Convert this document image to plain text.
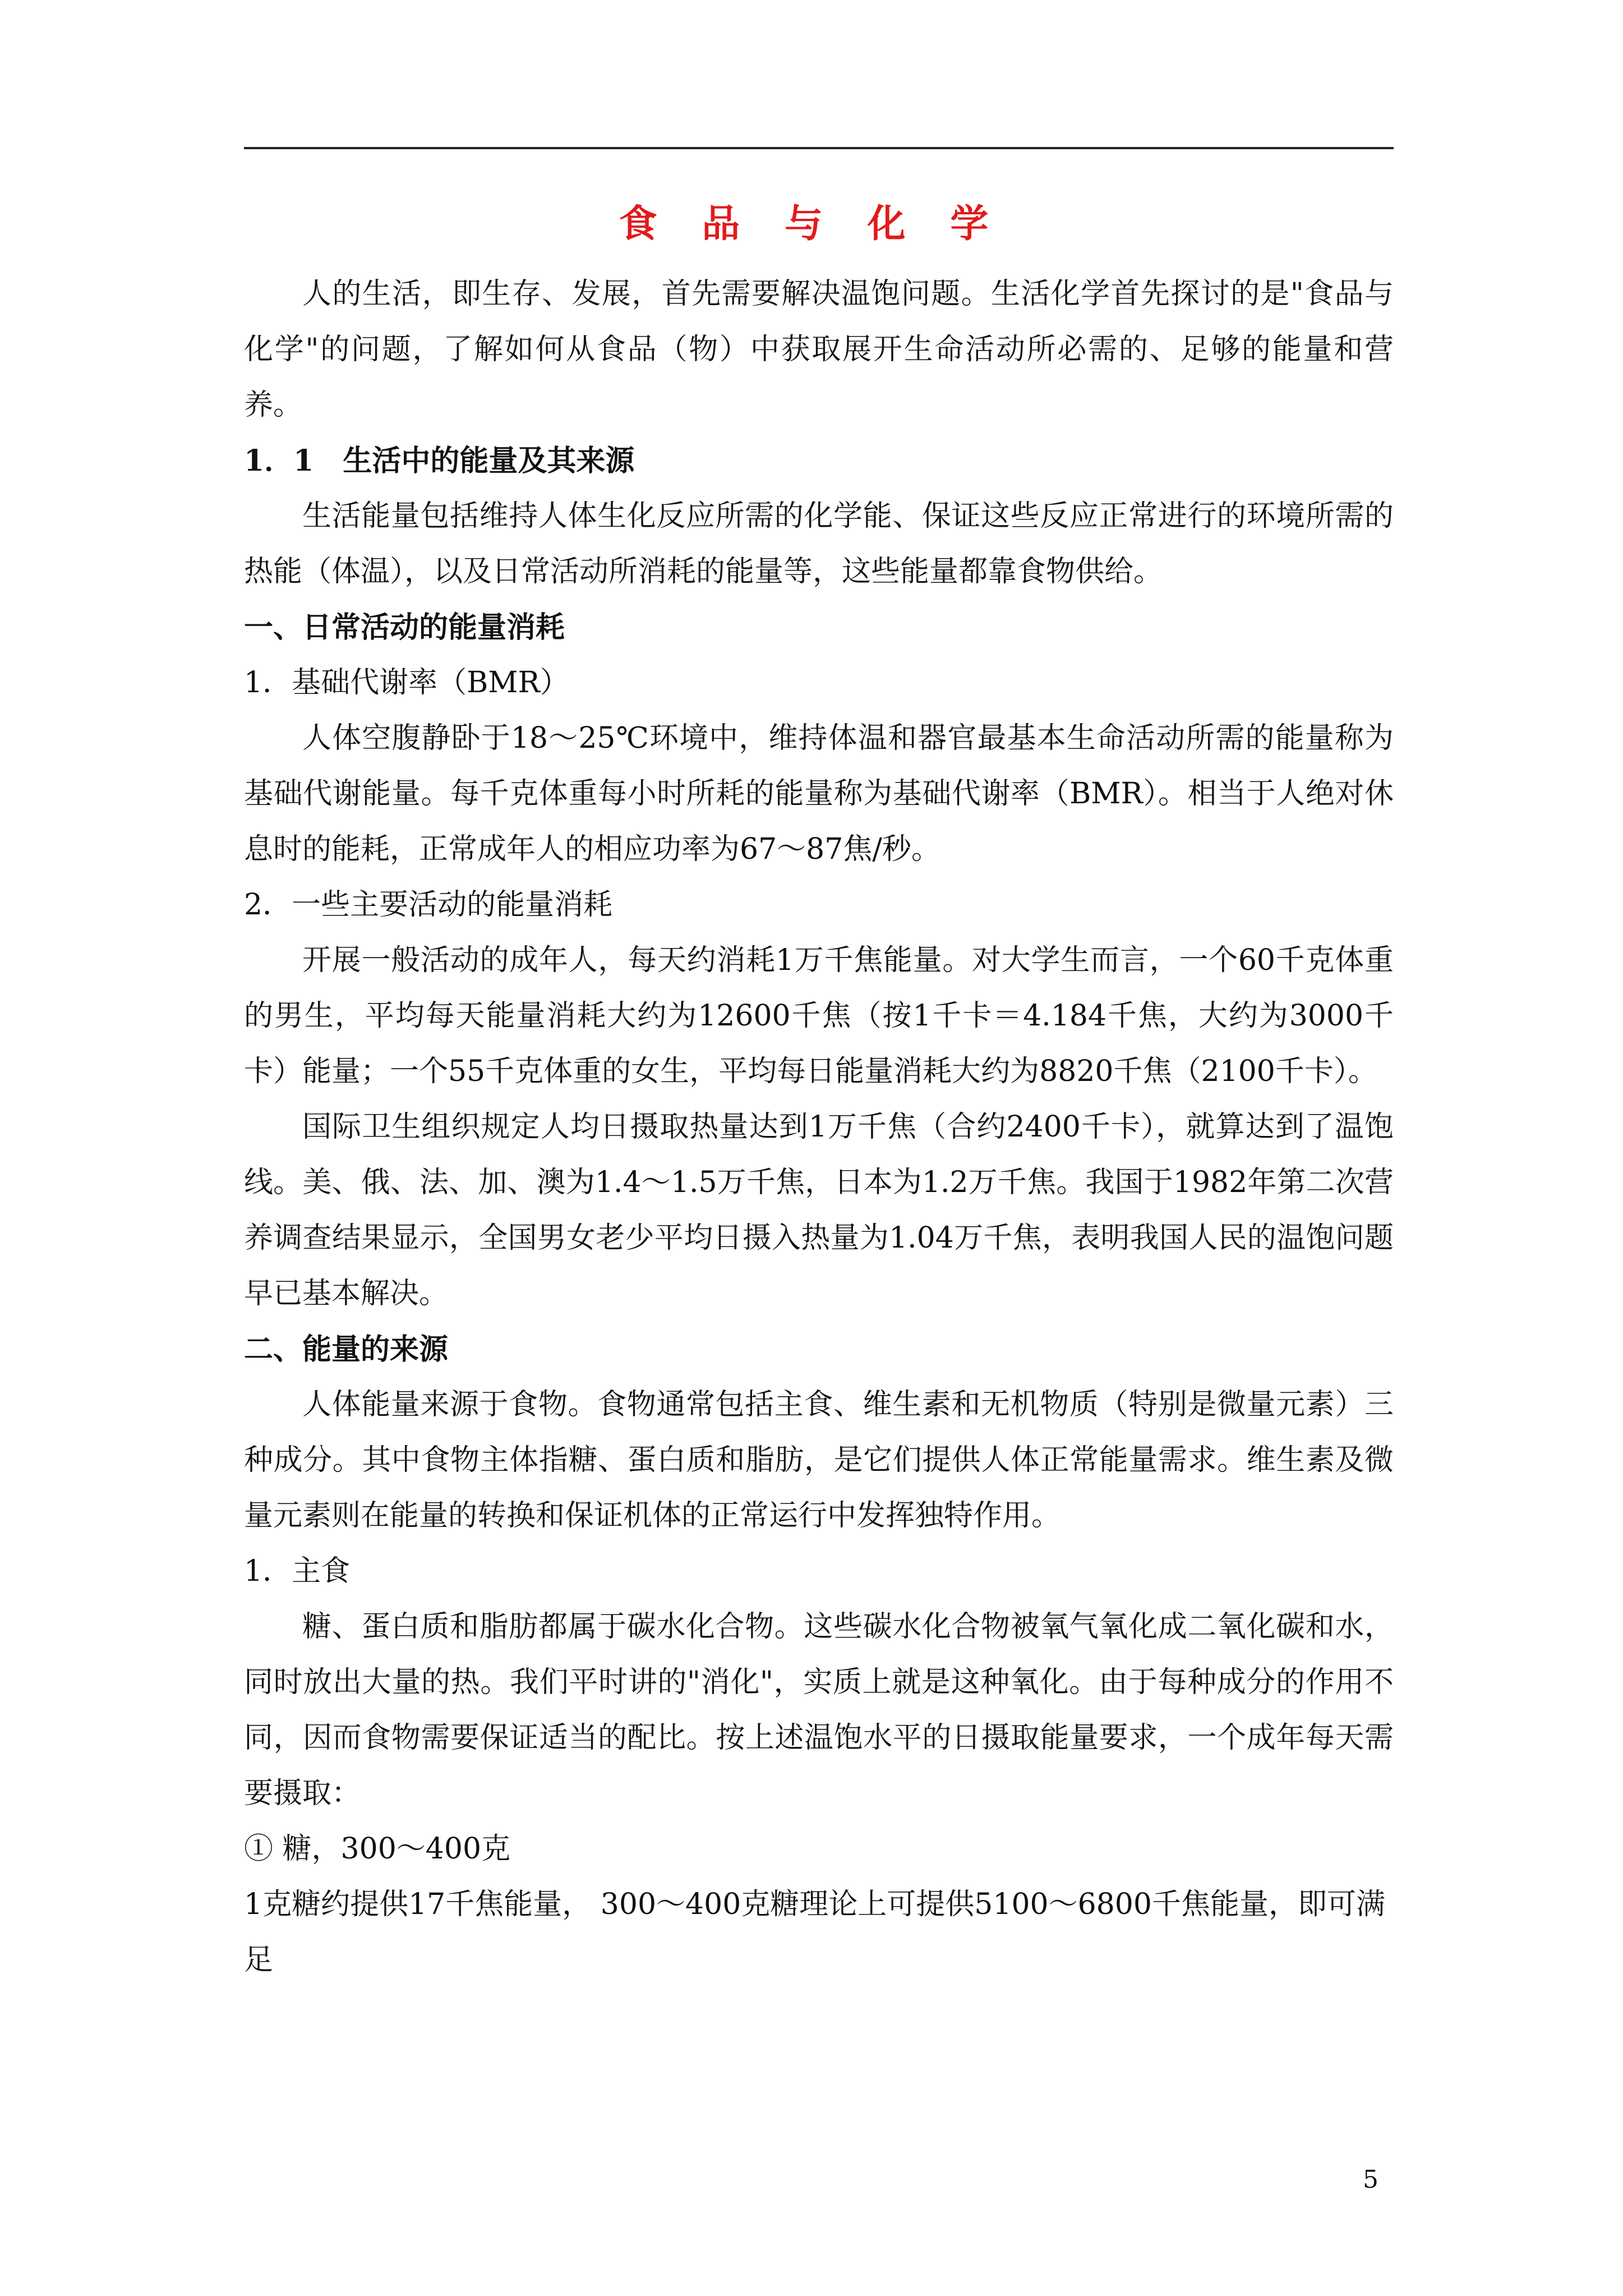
食 品 与 化 学

人的生活，即生存、发展，首先需要解决温饱问题。生活化学首先探讨的是"食品与化学"的问题，了解如何从食品（物）中获取展开生命活动所必需的、足够的能量和营养。

1．1　生活中的能量及其来源

生活能量包括维持人体生化反应所需的化学能、保证这些反应正常进行的环境所需的热能（体温），以及日常活动所消耗的能量等，这些能量都靠食物供给。

一、日常活动的能量消耗

1．基础代谢率（BMR）

人体空腹静卧于18～25℃环境中，维持体温和器官最基本生命活动所需的能量称为基础代谢能量。每千克体重每小时所耗的能量称为基础代谢率（BMR）。相当于人绝对休息时的能耗，正常成年人的相应功率为67～87焦/秒。

2．一些主要活动的能量消耗

开展一般活动的成年人，每天约消耗1万千焦能量。对大学生而言，一个60千克体重的男生，平均每天能量消耗大约为12600千焦（按1千卡＝4.184千焦，大约为3000千卡）能量；一个55千克体重的女生，平均每日能量消耗大约为8820千焦（2100千卡）。

国际卫生组织规定人均日摄取热量达到1万千焦（合约2400千卡），就算达到了温饱线。美、俄、法、加、澳为1.4～1.5万千焦，日本为1.2万千焦。我国于1982年第二次营养调查结果显示，全国男女老少平均日摄入热量为1.04万千焦，表明我国人民的温饱问题早已基本解决。

二、能量的来源

人体能量来源于食物。食物通常包括主食、维生素和无机物质（特别是微量元素）三种成分。其中食物主体指糖、蛋白质和脂肪，是它们提供人体正常能量需求。维生素及微量元素则在能量的转换和保证机体的正常运行中发挥独特作用。

1．主食

糖、蛋白质和脂肪都属于碳水化合物。这些碳水化合物被氧气氧化成二氧化碳和水，同时放出大量的热。我们平时讲的"消化"，实质上就是这种氧化。由于每种成分的作用不同，因而食物需要保证适当的配比。按上述温饱水平的日摄取能量要求，一个成年每天需要摄取：

① 糖，300～400克

1克糖约提供17千焦能量， 300～400克糖理论上可提供5100～6800千焦能量，即可满足

5
